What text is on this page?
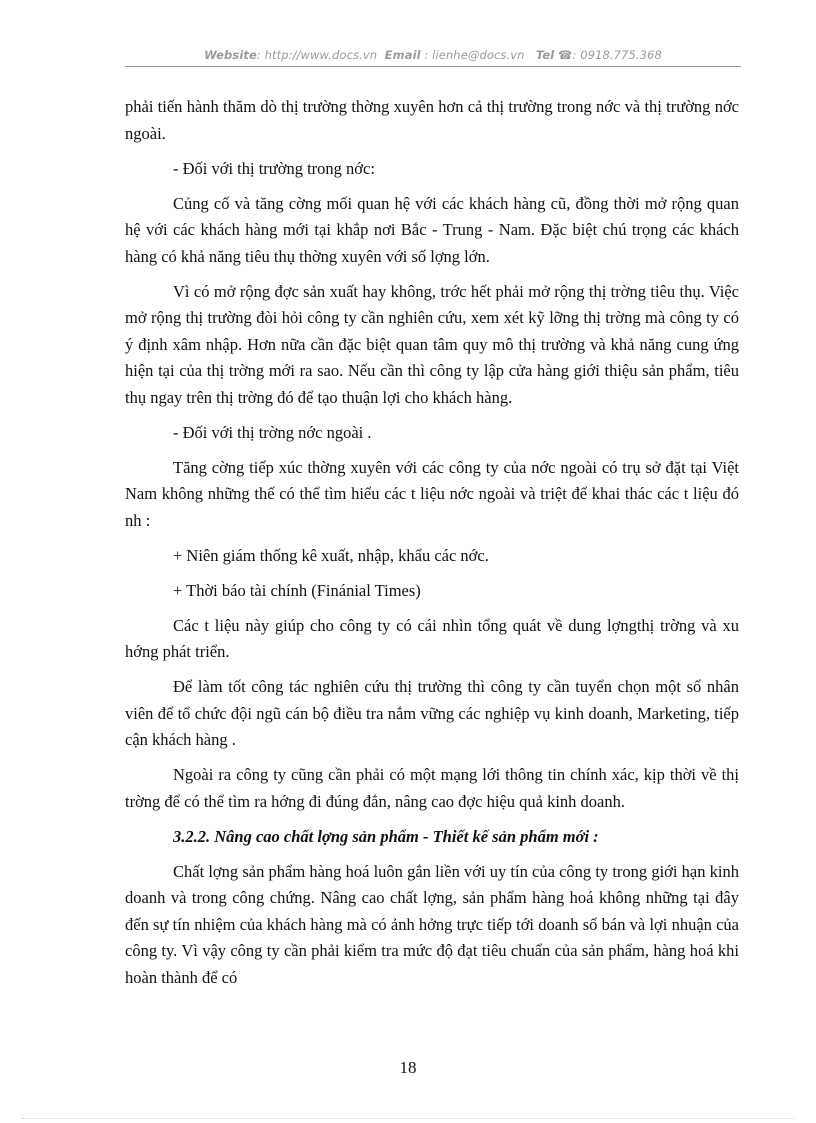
Website: http://www.docs.vn Email : lienhe@docs.vn Tel ☎: 0918.775.368

phải tiến hành thăm dò thị trường thờng xuyên hơn cả thị trường trong nớc và thị trường nớc ngoài.

- Đối với thị trường trong nớc:

Củng cố và tăng cờng mối quan hệ với các khách hàng cũ, đồng thời mở rộng quan hệ với các khách hàng mới tại khắp nơi Bắc - Trung - Nam. Đặc biệt chú trọng các khách hàng có khả năng tiêu thụ thờng xuyên với số lợng lớn.

Vì có mở rộng đợc sản xuất hay không, trớc hết phải mở rộng thị trờng tiêu thụ. Việc mở rộng thị trường đòi hỏi công ty cần nghiên cứu, xem xét kỹ lỡng thị trờng mà công ty có ý định xâm nhập. Hơn nữa cần đặc biệt quan tâm quy mô thị trường và khả năng cung ứng hiện tại của thị trờng mới ra sao. Nếu cần thì công ty lập cửa hàng giới thiệu sản phẩm, tiêu thụ ngay trên thị trờng đó để tạo thuận lợi cho khách hàng.

- Đối với thị trờng nớc ngoài .

Tăng cờng tiếp xúc thờng xuyên với các công ty của nớc ngoài có trụ sở đặt tại Việt Nam không những thế có thể tìm hiểu các t liệu nớc ngoài và triệt để khai thác các t liệu đó nh :

+ Niên giám thống kê xuất, nhập, khẩu các nớc.

+ Thời báo tài chính (Finánial Times)

Các t liệu này giúp cho công ty có cái nhìn tổng quát về dung lợngthị trờng và xu hớng phát triển.

Để làm tốt công tác nghiên cứu thị trường thì công ty cần tuyển chọn một số nhân viên để tổ chức đội ngũ cán bộ điều tra nắm vững các nghiệp vụ kinh doanh, Marketing, tiếp cận khách hàng .

Ngoài ra công ty cũng cần phải có một mạng lới thông tin chính xác, kịp thời về thị trờng để có thể tìm ra hớng đi đúng đắn, nâng cao đợc hiệu quả kinh doanh.

3.2.2. Nâng cao chất lợng sản phẩm - Thiết kế sản phẩm mới :

Chất lợng sản phẩm hàng hoá luôn gắn liền với uy tín của công ty trong giới hạn kinh doanh và trong công chứng. Nâng cao chất lợng, sản phẩm hàng hoá không những tại đây đến sự tín nhiệm của khách hàng mà có ảnh hởng trực tiếp tới doanh số bán và lợi nhuận của công ty. Vì vậy công ty cần phải kiểm tra mức độ đạt tiêu chuẩn của sản phẩm, hàng hoá khi hoàn thành để có

18
